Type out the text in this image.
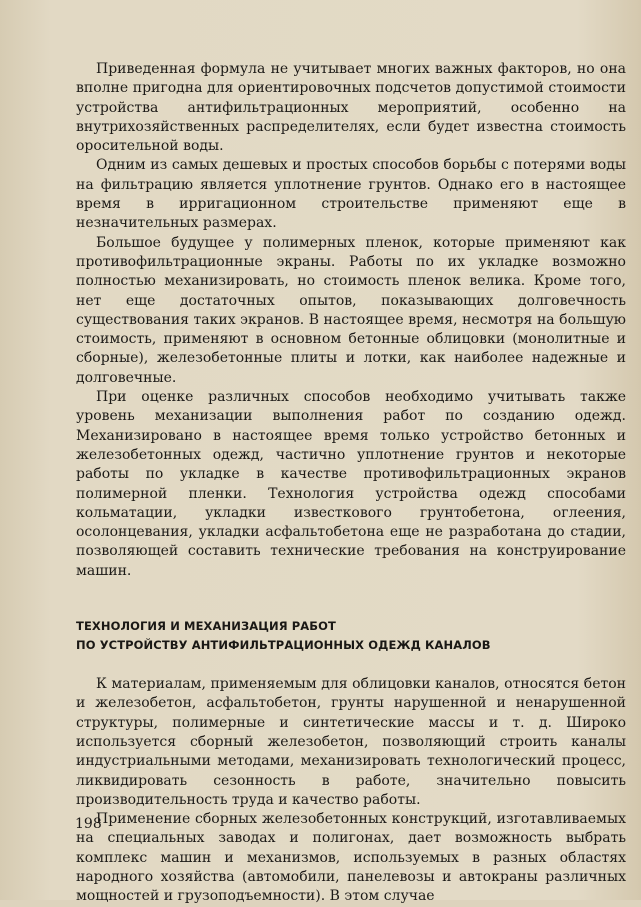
Приведенная формула не учитывает многих важных факторов, но она вполне пригодна для ориентировочных подсчетов допустимой стоимости устройства антифильтрационных мероприятий, особенно на внутрихозяйственных распределителях, если будет известна стоимость оросительной воды.

Одним из самых дешевых и простых способов борьбы с потерями воды на фильтрацию является уплотнение грунтов. Однако его в настоящее время в ирригационном строительстве применяют еще в незначительных размерах.

Большое будущее у полимерных пленок, которые применяют как противофильтрационные экраны. Работы по их укладке возможно полностью механизировать, но стоимость пленок велика. Кроме того, нет еще достаточных опытов, показывающих долговечность существования таких экранов. В настоящее время, несмотря на большую стоимость, применяют в основном бетонные облицовки (монолитные и сборные), железобетонные плиты и лотки, как наиболее надежные и долговечные.

При оценке различных способов необходимо учитывать также уровень механизации выполнения работ по созданию одежд. Механизировано в настоящее время только устройство бетонных и железобетонных одежд, частично уплотнение грунтов и некоторые работы по укладке в качестве противофильтрационных экранов полимерной пленки. Технология устройства одежд способами кольматации, укладки известкового грунтобетона, оглеения, осолонцевания, укладки асфальтобетона еще не разработана до стадии, позволяющей составить технические требования на конструирование машин.

ТЕХНОЛОГИЯ И МЕХАНИЗАЦИЯ РАБОТ
ПО УСТРОЙСТВУ АНТИФИЛЬТРАЦИОННЫХ ОДЕЖД КАНАЛОВ

К материалам, применяемым для облицовки каналов, относятся бетон и железобетон, асфальтобетон, грунты нарушенной и ненарушенной структуры, полимерные и синтетические массы и т. д. Широко используется сборный железобетон, позволяющий строить каналы индустриальными методами, механизировать технологический процесс, ликвидировать сезонность в работе, значительно повысить производительность труда и качество работы.

Применение сборных железобетонных конструкций, изготавливаемых на специальных заводах и полигонах, дает возможность выбрать комплекс машин и механизмов, используемых в разных областях народного хозяйства (автомобили, панелевозы и автокраны различных мощностей и грузоподъемности). В этом случае

198
